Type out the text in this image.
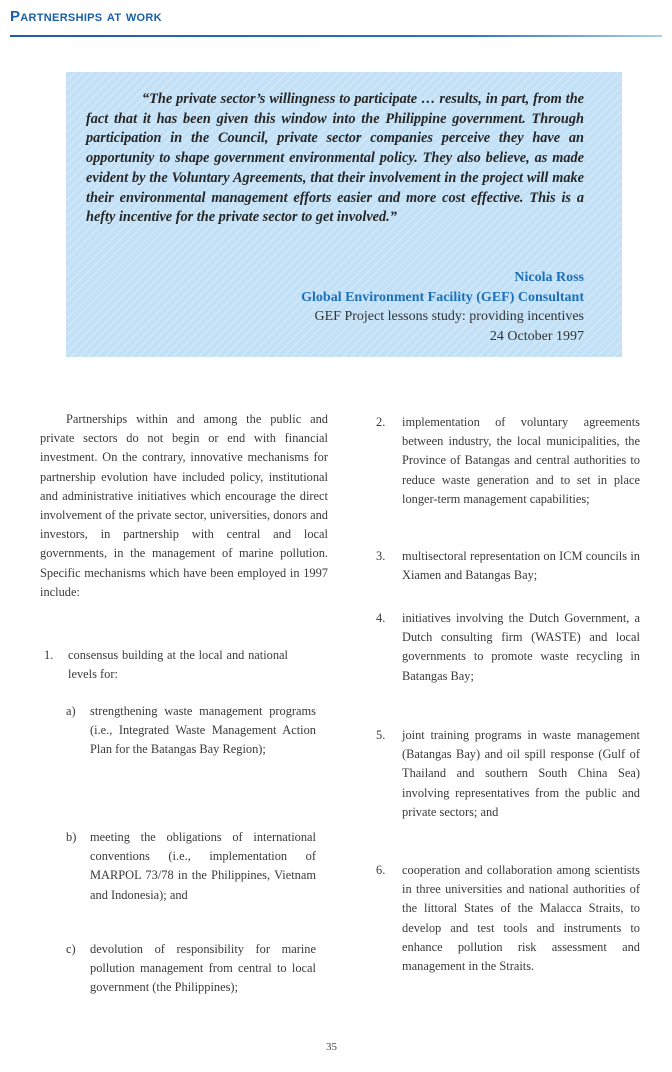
Partnerships at work
“The private sector’s willingness to participate … results, in part, from the fact that it has been given this window into the Philippine government. Through participation in the Council, private sector companies perceive they have an opportunity to shape government environmental policy. They also believe, as made evident by the Voluntary Agreements, that their involvement in the project will make their environmental management efforts easier and more cost effective. This is a hefty incentive for the private sector to get involved.”
Nicola Ross
Global Environment Facility (GEF) Consultant
GEF Project lessons study: providing incentives
24 October 1997

Partnerships within and among the public and private sectors do not begin or end with financial investment. On the contrary, innovative mechanisms for partnership evolution have included policy, institutional and administrative initiatives which encourage the direct involvement of the private sector, universities, donors and investors, in partnership with central and local governments, in the management of marine pollution. Specific mechanisms which have been employed in 1997 include:

1.	consensus building at the local and national levels for:
a)	strengthening waste management programs (i.e., Integrated Waste Management Action Plan for the Batangas Bay Region);
b)	meeting the obligations of international conventions (i.e., implementation of MARPOL 73/78 in the Philippines, Vietnam and Indonesia); and
c)	devolution of responsibility for marine pollution management from central to local government (the Philippines);
2.	implementation of voluntary agreements between industry, the local municipalities, the Province of Batangas and central authorities to reduce waste generation and to set in place longer-term management capabilities;
3.	multisectoral representation on ICM councils in Xiamen and Batangas Bay;
4.	initiatives involving the Dutch Government, a Dutch consulting firm (WASTE) and local governments to promote waste recycling in Batangas Bay;
5.	joint training programs in waste management (Batangas Bay) and oil spill response (Gulf of Thailand and southern South China Sea) involving representatives from the public and private sectors; and
6.	cooperation and collaboration among scientists in three universities and national authorities of the littoral States of the Malacca Straits, to develop and test tools and instruments to enhance pollution risk assessment and management in the Straits.
35
